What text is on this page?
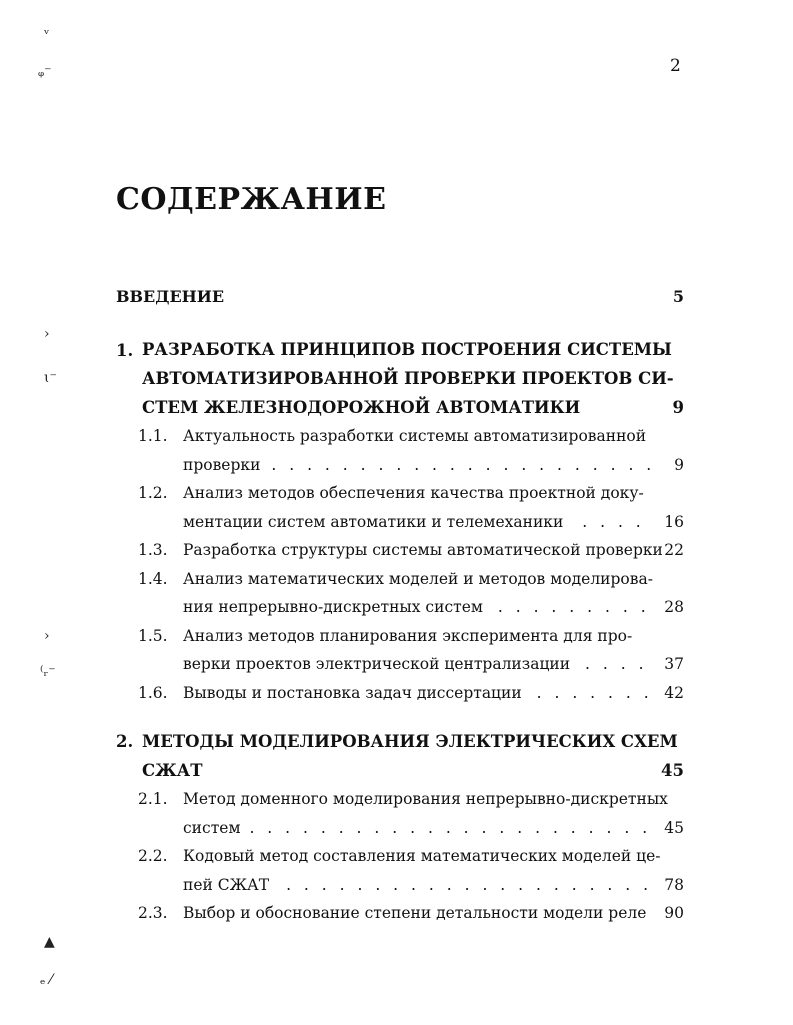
ᵥ
ᵩ⁻
›
ɩ⁻
›
⁽ᵣ⁻
▲
ₑ ⁄
2
СОДЕРЖАНИЕ
ВВЕДЕНИЕ	5
1. РАЗРАБОТКА ПРИНЦИПОВ ПОСТРОЕНИЯ СИСТЕМЫ
АВТОМАТИЗИРОВАННОЙ ПРОВЕРКИ ПРОЕКТОВ СИ-
СТЕМ ЖЕЛЕЗНОДОРОЖНОЙ АВТОМАТИКИ	9
1.1. Актуальность разработки системы автоматизированной
проверки . . . . . . . . . . . . . . . . . . . . . . 9
1.2. Анализ методов обеспечения качества проектной доку-
ментации систем автоматики и телемеханики . . . . 16
1.3. Разработка структуры системы автоматической проверки 22
1.4. Анализ математических моделей и методов моделирова-
ния непрерывно-дискретных систем . . . . . . . . . 28
1.5. Анализ методов планирования эксперимента для про-
верки проектов электрической централизации . . . . 37
1.6. Выводы и постановка задач диссертации . . . . . . . 42
2. МЕТОДЫ МОДЕЛИРОВАНИЯ ЭЛЕКТРИЧЕСКИХ СХЕМ
СЖАТ	45
2.1. Метод доменного моделирования непрерывно-дискретных
систем . . . . . . . . . . . . . . . . . . . . . . . 45
2.2. Кодовый метод составления математических моделей це-
пей СЖАТ . . . . . . . . . . . . . . . . . . . . . 78
2.3. Выбор и обоснование степени детальности модели реле 90
